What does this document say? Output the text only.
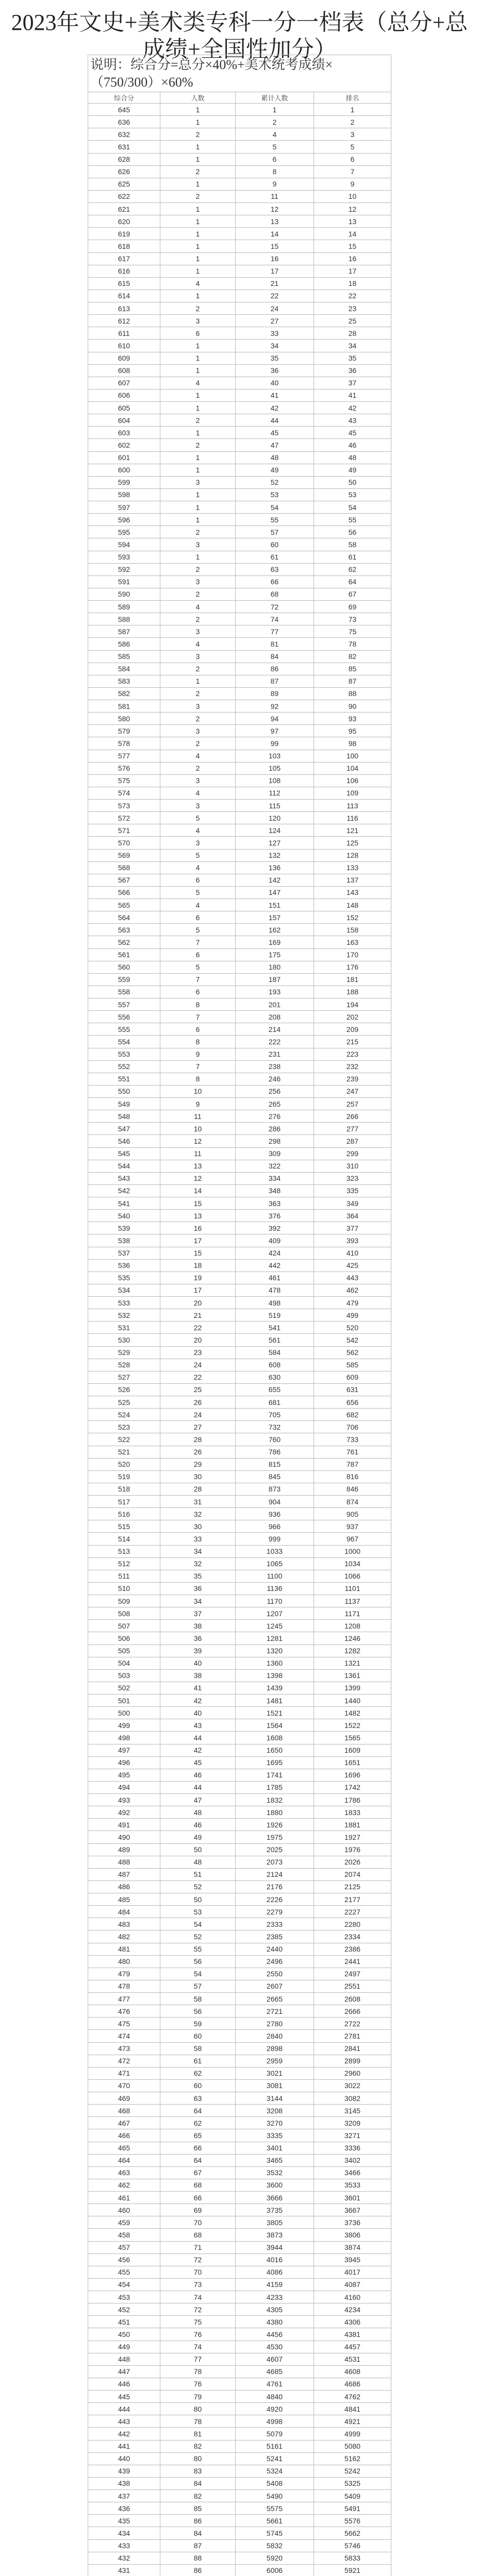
2023年文史+美术类专科一分一档表（总分+总成绩+全国性加分）
说明：综合分=总分×40%+美术统考成绩×（750/300）×60%			
综合分	人数	累计人数	排名
645	1	1	1
636	1	2	2
632	2	4	3
631	1	5	5
628	1	6	6
626	2	8	7
625	1	9	9
622	2	11	10
621	1	12	12
620	1	13	13
619	1	14	14
618	1	15	15
617	1	16	16
616	1	17	17
615	4	21	18
614	1	22	22
613	2	24	23
612	3	27	25
611	6	33	28
610	1	34	34
609	1	35	35
608	1	36	36
607	4	40	37
606	1	41	41
605	1	42	42
604	2	44	43
603	1	45	45
602	2	47	46
601	1	48	48
600	1	49	49
599	3	52	50
598	1	53	53
597	1	54	54
596	1	55	55
595	2	57	56
594	3	60	58
593	1	61	61
592	2	63	62
591	3	66	64
590	2	68	67
589	4	72	69
588	2	74	73
587	3	77	75
586	4	81	78
585	3	84	82
584	2	86	85
583	1	87	87
582	2	89	88
581	3	92	90
580	2	94	93
579	3	97	95
578	2	99	98
577	4	103	100
576	2	105	104
575	3	108	106
574	4	112	109
573	3	115	113
572	5	120	116
571	4	124	121
570	3	127	125
569	5	132	128
568	4	136	133
567	6	142	137
566	5	147	143
565	4	151	148
564	6	157	152
563	5	162	158
562	7	169	163
561	6	175	170
560	5	180	176
559	7	187	181
558	6	193	188
557	8	201	194
556	7	208	202
555	6	214	209
554	8	222	215
553	9	231	223
552	7	238	232
551	8	246	239
550	10	256	247
549	9	265	257
548	11	276	266
547	10	286	277
546	12	298	287
545	11	309	299
544	13	322	310
543	12	334	323
542	14	348	335
541	15	363	349
540	13	376	364
539	16	392	377
538	17	409	393
537	15	424	410
536	18	442	425
535	19	461	443
534	17	478	462
533	20	498	479
532	21	519	499
531	22	541	520
530	20	561	542
529	23	584	562
528	24	608	585
527	22	630	609
526	25	655	631
525	26	681	656
524	24	705	682
523	27	732	706
522	28	760	733
521	26	786	761
520	29	815	787
519	30	845	816
518	28	873	846
517	31	904	874
516	32	936	905
515	30	966	937
514	33	999	967
513	34	1033	1000
512	32	1065	1034
511	35	1100	1066
510	36	1136	1101
509	34	1170	1137
508	37	1207	1171
507	38	1245	1208
506	36	1281	1246
505	39	1320	1282
504	40	1360	1321
503	38	1398	1361
502	41	1439	1399
501	42	1481	1440
500	40	1521	1482
499	43	1564	1522
498	44	1608	1565
497	42	1650	1609
496	45	1695	1651
495	46	1741	1696
494	44	1785	1742
493	47	1832	1786
492	48	1880	1833
491	46	1926	1881
490	49	1975	1927
489	50	2025	1976
488	48	2073	2026
487	51	2124	2074
486	52	2176	2125
485	50	2226	2177
484	53	2279	2227
483	54	2333	2280
482	52	2385	2334
481	55	2440	2386
480	56	2496	2441
479	54	2550	2497
478	57	2607	2551
477	58	2665	2608
476	56	2721	2666
475	59	2780	2722
474	60	2840	2781
473	58	2898	2841
472	61	2959	2899
471	62	3021	2960
470	60	3081	3022
469	63	3144	3082
468	64	3208	3145
467	62	3270	3209
466	65	3335	3271
465	66	3401	3336
464	64	3465	3402
463	67	3532	3466
462	68	3600	3533
461	66	3666	3601
460	69	3735	3667
459	70	3805	3736
458	68	3873	3806
457	71	3944	3874
456	72	4016	3945
455	70	4086	4017
454	73	4159	4087
453	74	4233	4160
452	72	4305	4234
451	75	4380	4306
450	76	4456	4381
449	74	4530	4457
448	77	4607	4531
447	78	4685	4608
446	76	4761	4686
445	79	4840	4762
444	80	4920	4841
443	78	4998	4921
442	81	5079	4999
441	82	5161	5080
440	80	5241	5162
439	83	5324	5242
438	84	5408	5325
437	82	5490	5409
436	85	5575	5491
435	86	5661	5576
434	84	5745	5662
433	87	5832	5746
432	88	5920	5833
431	86	6006	5921
